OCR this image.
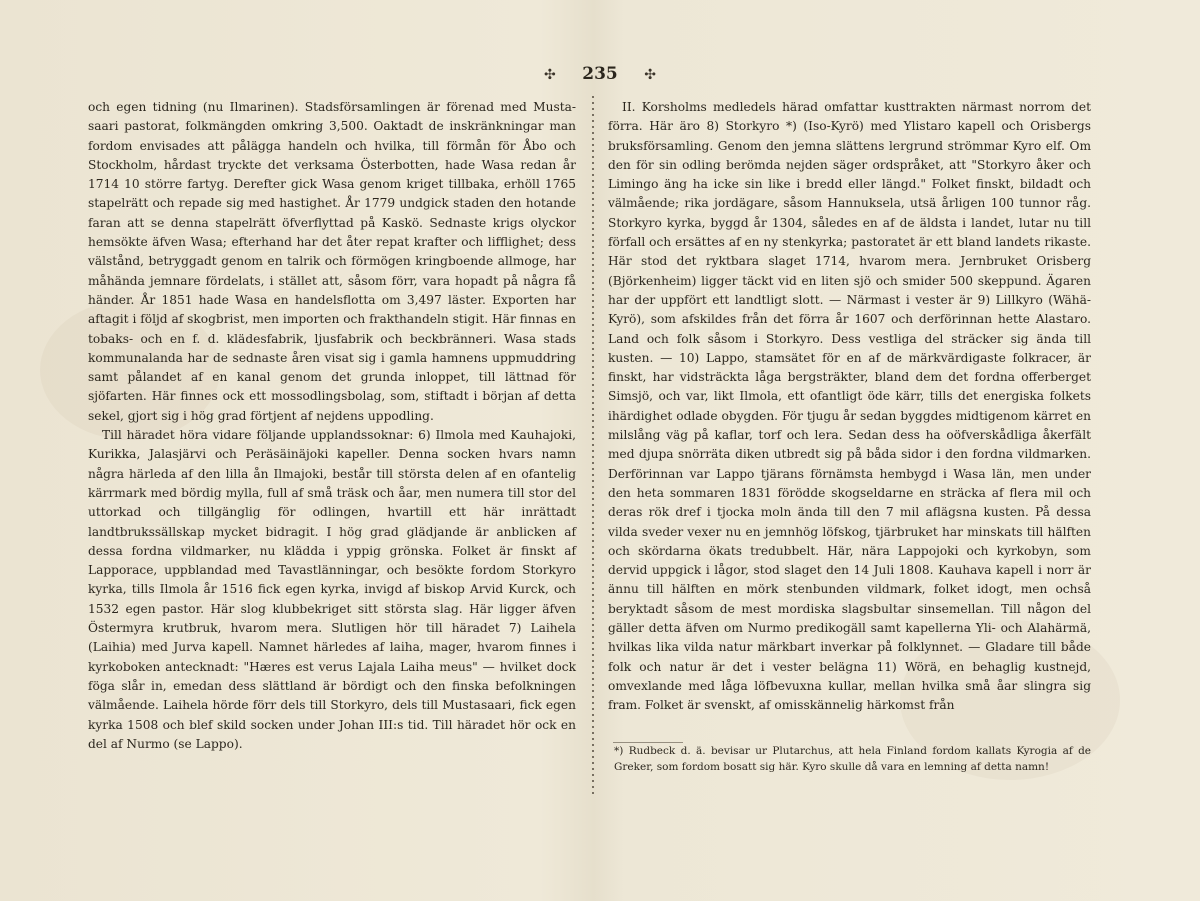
✣ 235 ✣

och egen tidning (nu Ilmarinen). Stadsförsamlingen är förenad med Musta-saari pastorat, folkmängden omkring 3,500. Oaktadt de inskränkningar man fordom envisades att pålägga handeln och hvilka, till förmån för Åbo och Stockholm, hårdast tryckte det verksama Österbotten, hade Wasa redan år 1714 10 större fartyg. Derefter gick Wasa genom kriget tillbaka, erhöll 1765 stapelrätt och repade sig med hastighet. År 1779 undgick staden den hotande faran att se denna stapelrätt öfverflyttad på Kaskö. Sednaste krigs olyckor hemsökte äfven Wasa; efterhand har det åter repat krafter och lifflighet; dess välstånd, betryggadt genom en talrik och förmögen kringboende allmoge, har måhända jemnare fördelats, i stället att, såsom förr, vara hopadt på några få händer. År 1851 hade Wasa en handelsflotta om 3,497 läster. Exporten har aftagit i följd af skogbrist, men importen och frakthandeln stigit. Här finnas en tobaks- och en f. d. klädesfabrik, ljusfabrik och beckbränneri. Wasa stads kommunalanda har de sednaste åren visat sig i gamla hamnens uppmuddring samt pålandet af en kanal genom det grunda inloppet, till lättnad för sjöfarten. Här finnes ock ett mossodlingsbolag, som, stiftadt i början af detta sekel, gjort sig i hög grad förtjent af nejdens uppodling.

Till häradet höra vidare följande upplandssoknar: 6) Ilmola med Kauhajoki, Kurikka, Jalasjärvi och Peräsäinäjoki kapeller. Denna socken hvars namn några härleda af den lilla ån Ilmajoki, består till största delen af en ofantelig kärrmark med bördig mylla, full af små träsk och åar, men numera till stor del uttorkad och tillgänglig för odlingen, hvartill ett här inrättadt landtbrukssällskap mycket bidragit. I hög grad glädjande är anblicken af dessa fordna vildmarker, nu klädda i yppig grönska. Folket är finskt af Lapporace, uppblandad med Tavastlänningar, och besökte fordom Storkyro kyrka, tills Ilmola år 1516 fick egen kyrka, invigd af biskop Arvid Kurck, och 1532 egen pastor. Här slog klubbekriget sitt största slag. Här ligger äfven Östermyra krutbruk, hvarom mera. Slutligen hör till häradet 7) Laihela (Laihia) med Jurva kapell. Namnet härledes af laiha, mager, hvarom finnes i kyrkoboken antecknadt: "Hæres est verus Lajala Laiha meus" — hvilket dock föga slår in, emedan dess slättland är bördigt och den finska befolkningen välmående. Laihela hörde förr dels till Storkyro, dels till Mustasaari, fick egen kyrka 1508 och blef skild socken under Johan III:s tid. Till häradet hör ock en del af Nurmo (se Lappo).

II. Korsholms medledels härad omfattar kusttrakten närmast norrom det förra. Här äro 8) Storkyro *) (Iso-Kyrö) med Ylistaro kapell och Orisbergs bruksförsamling. Genom den jemna slättens lergrund strömmar Kyro elf. Om den för sin odling berömda nejden säger ordspråket, att "Storkyro åker och Limingo äng ha icke sin like i bredd eller längd." Folket finskt, bildadt och välmående; rika jordägare, såsom Hannuksela, utsä årligen 100 tunnor råg. Storkyro kyrka, byggd år 1304, således en af de äldsta i landet, lutar nu till förfall och ersättes af en ny stenkyrka; pastoratet är ett bland landets rikaste. Här stod det ryktbara slaget 1714, hvarom mera. Jernbruket Orisberg (Björkenheim) ligger täckt vid en liten sjö och smider 500 skeppund. Ägaren har der uppfört ett landtligt slott. — Närmast i vester är 9) Lillkyro (Wähä-Kyrö), som afskildes från det förra år 1607 och derförinnan hette Alastaro. Land och folk såsom i Storkyro. Dess vestliga del sträcker sig ända till kusten. — 10) Lappo, stamsätet för en af de märkvärdigaste folkracer, är finskt, har vidsträckta låga bergsträkter, bland dem det fordna offerberget Simsjö, och var, likt Ilmola, ett ofantligt öde kärr, tills det energiska folkets ihärdighet odlade obygden. För tjugu år sedan byggdes midtigenom kärret en milslång väg på kaflar, torf och lera. Sedan dess ha oöfverskådliga åkerfält med djupa snörräta diken utbredt sig på båda sidor i den fordna vildmarken. Derförinnan var Lappo tjärans förnämsta hembygd i Wasa län, men under den heta sommaren 1831 förödde skogseldarne en sträcka af flera mil och deras rök dref i tjocka moln ända till den 7 mil aflägsna kusten. På dessa vilda sveder vexer nu en jemnhög löfskog, tjärbruket har minskats till hälften och skördarna ökats tredubbelt. Här, nära Lappojoki och kyrkobyn, som dervid uppgick i lågor, stod slaget den 14 Juli 1808. Kauhava kapell i norr är ännu till hälften en mörk stenbunden vildmark, folket idogt, men ochså beryktadt såsom de mest mordiska slagsbultar sinsemellan. Till någon del gäller detta äfven om Nurmo predikogäll samt kapellerna Yli- och Alahärmä, hvilkas lika vilda natur märkbart inverkar på folklynnet. — Gladare till både folk och natur är det i vester belägna 11) Wörä, en behaglig kustnejd, omvexlande med låga löfbevuxna kullar, mellan hvilka små åar slingra sig fram. Folket är svenskt, af omisskännelig härkomst från

*) Rudbeck d. ä. bevisar ur Plutarchus, att hela Finland fordom kallats Kyrogia af de Greker, som fordom bosatt sig här. Kyro skulle då vara en lemning af detta namn!
